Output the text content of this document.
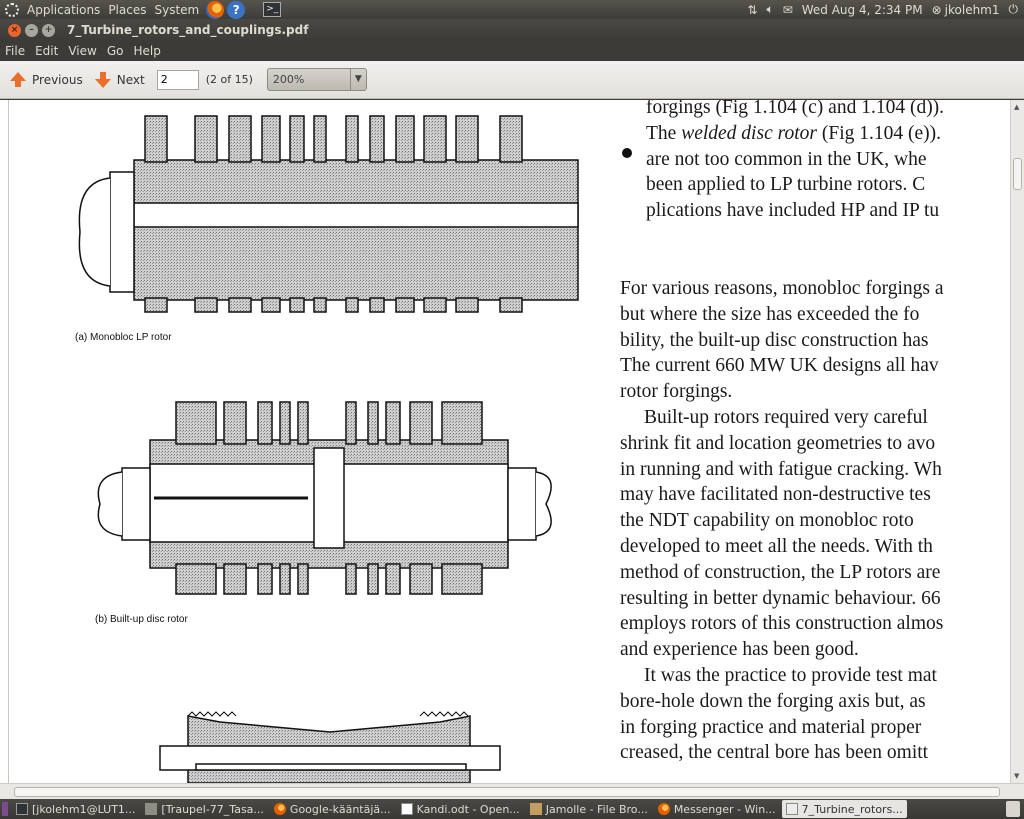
Applications Places System	?	>_	⇅ 🔈︎ ✉ Wed Aug 4, 2:34 PM ⊗ jkolehm1 ⏻
×	–	+ 7_Turbine_rotors_and_couplings.pdf
File Edit View Go Help
Previous	Next
2	(2 of 15)	200%	▼
(a) Monobloc LP rotor
(b) Built-up disc rotor
forgings (Fig 1.104 (c) and 1.104 (d)).
The welded disc rotor (Fig 1.104 (e)).
are not too common in the UK, whe
been applied to LP turbine rotors. C
plications have included HP and IP tu
For various reasons, monobloc forgings a
but where the size has exceeded the fo
bility, the built-up disc construction has
The current 660 MW UK designs all hav
rotor forgings.
Built-up rotors required very careful
shrink fit and location geometries to avo
in running and with fatigue cracking. Wh
may have facilitated non-destructive tes
the NDT capability on monobloc roto
developed to meet all the needs. With th
method of construction, the LP rotors are
resulting in better dynamic behaviour. 66
employs rotors of this construction almos
and experience has been good.
It was the practice to provide test mat
bore-hole down the forging axis but, as
in forging practice and material proper
creased, the central bore has been omitt
▲
▼
[jkolehm1@LUT1... [Traupel-77_Tasa... Google-kääntäjä... Kandi.odt - Open... Jamolle - File Bro... Messenger - Win... 7_Turbine_rotors...
